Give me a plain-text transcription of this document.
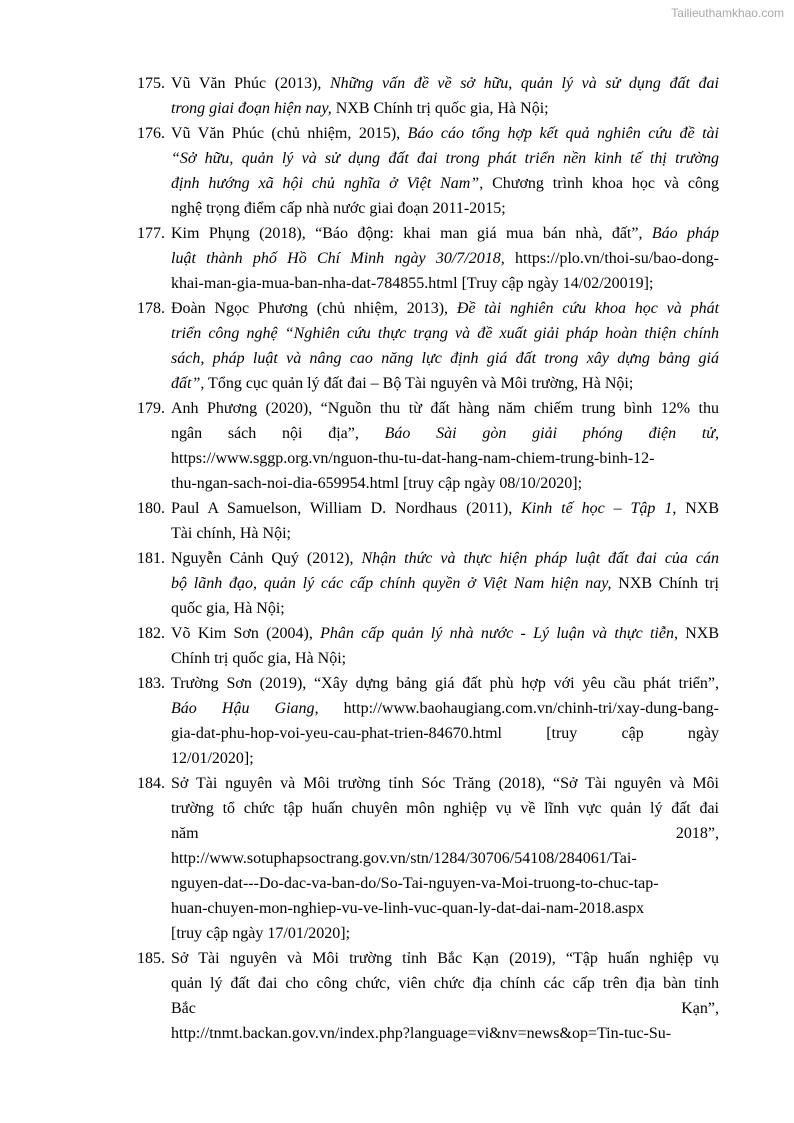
Tailieuthamkhao.com
175. Vũ Văn Phúc (2013), Những vấn đề về sở hữu, quản lý và sử dụng đất đai
trong giai đoạn hiện nay, NXB Chính trị quốc gia, Hà Nội;
176. Vũ Văn Phúc (chủ nhiệm, 2015), Báo cáo tổng hợp kết quả nghiên cứu đề tài
“Sở hữu, quản lý và sử dụng đất đai trong phát triển nền kinh tế thị trường
định hướng xã hội chủ nghĩa ở Việt Nam”, Chương trình khoa học và công
nghệ trọng điểm cấp nhà nước giai đoạn 2011-2015;
177. Kim Phụng (2018), “Báo động: khai man giá mua bán nhà, đất”, Báo pháp
luật thành phố Hồ Chí Minh ngày 30/7/2018, https://plo.vn/thoi-su/bao-dong-
khai-man-gia-mua-ban-nha-dat-784855.html [Truy cập ngày 14/02/20019];
178. Đoàn Ngọc Phương (chủ nhiệm, 2013), Đề tài nghiên cứu khoa học và phát
triển công nghệ “Nghiên cứu thực trạng và đề xuất giải pháp hoàn thiện chính
sách, pháp luật và nâng cao năng lực định giá đất trong xây dựng bảng giá
đất”, Tổng cục quản lý đất đai – Bộ Tài nguyên và Môi trường, Hà Nội;
179. Anh Phương (2020), “Nguồn thu từ đất hàng năm chiếm trung bình 12% thu
ngân sách nội địa”, Báo Sài gòn giải phóng điện tử,
https://www.sggp.org.vn/nguon-thu-tu-dat-hang-nam-chiem-trung-binh-12-
thu-ngan-sach-noi-dia-659954.html [truy cập ngày 08/10/2020];
180. Paul A Samuelson, William D. Nordhaus (2011), Kinh tế học – Tập 1, NXB
Tài chính, Hà Nội;
181. Nguyễn Cảnh Quý (2012), Nhận thức và thực hiện pháp luật đất đai của cán
bộ lãnh đạo, quản lý các cấp chính quyền ở Việt Nam hiện nay, NXB Chính trị
quốc gia, Hà Nội;
182. Võ Kim Sơn (2004), Phân cấp quản lý nhà nước - Lý luận và thực tiễn, NXB
Chính trị quốc gia, Hà Nội;
183. Trường Sơn (2019), “Xây dựng bảng giá đất phù hợp với yêu cầu phát triển”,
Báo Hậu Giang, http://www.baohaugiang.com.vn/chinh-tri/xay-dung-bang-
gia-dat-phu-hop-voi-yeu-cau-phat-trien-84670.html [truy cập ngày
12/01/2020];
184. Sở Tài nguyên và Môi trường tỉnh Sóc Trăng (2018), “Sở Tài nguyên và Môi
trường tổ chức tập huấn chuyên môn nghiệp vụ về lĩnh vực quản lý đất đai
năm 2018”,
http://www.sotuphapsoctrang.gov.vn/stn/1284/30706/54108/284061/Tai-
nguyen-dat---Do-dac-va-ban-do/So-Tai-nguyen-va-Moi-truong-to-chuc-tap-
huan-chuyen-mon-nghiep-vu-ve-linh-vuc-quan-ly-dat-dai-nam-2018.aspx
[truy cập ngày 17/01/2020];
185. Sở Tài nguyên và Môi trường tỉnh Bắc Kạn (2019), “Tập huấn nghiệp vụ
quản lý đất đai cho công chức, viên chức địa chính các cấp trên địa bàn tỉnh
Bắc Kạn”,
http://tnmt.backan.gov.vn/index.php?language=vi&nv=news&op=Tin-tuc-Su-
